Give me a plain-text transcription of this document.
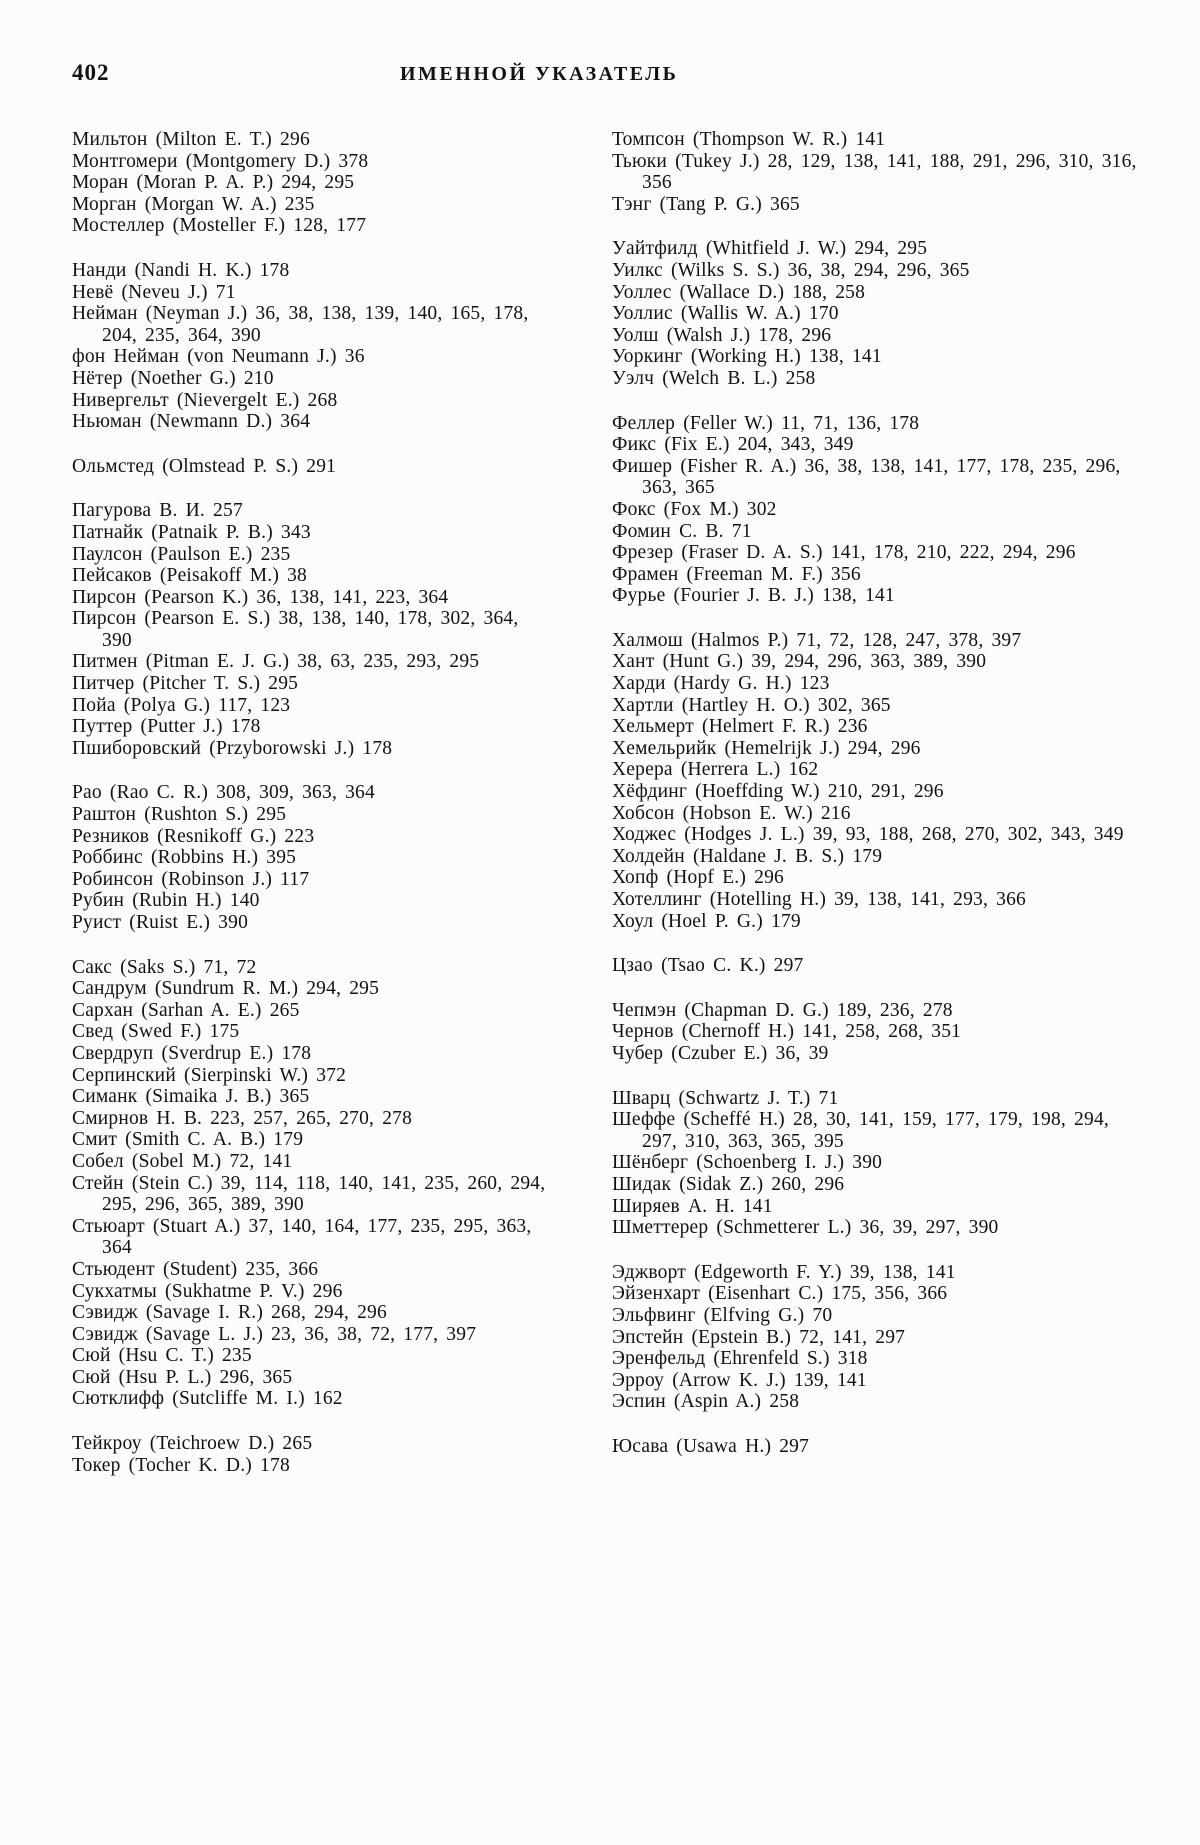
402	ИМЕННОЙ УКАЗАТЕЛЬ
Мильтон (Milton E. T.) 296
Монтгомери (Montgomery D.) 378
Моран (Moran P. A. P.) 294, 295
Морган (Morgan W. A.) 235
Мостеллер (Mosteller F.) 128, 177
Нанди (Nandi H. K.) 178
Невё (Neveu J.) 71
Нейман (Neyman J.) 36, 38, 138, 139, 140, 165, 178, 204, 235, 364, 390
фон Нейман (von Neumann J.) 36
Нётер (Noether G.) 210
Нивергельт (Nievergelt E.) 268
Ньюман (Newmann D.) 364
Ольмстед (Olmstead P. S.) 291
Пагурова В. И. 257
Патнайк (Patnaik P. B.) 343
Паулсон (Paulson E.) 235
Пейсаков (Peisakoff M.) 38
Пирсон (Pearson K.) 36, 138, 141, 223, 364
Пирсон (Pearson E. S.) 38, 138, 140, 178, 302, 364, 390
Питмен (Pitman E. J. G.) 38, 63, 235, 293, 295
Питчер (Pitcher T. S.) 295
Пойа (Polya G.) 117, 123
Путтер (Putter J.) 178
Пшиборовский (Przyborowski J.) 178
Рао (Rao C. R.) 308, 309, 363, 364
Раштон (Rushton S.) 295
Резников (Resnikoff G.) 223
Роббинс (Robbins H.) 395
Робинсон (Robinson J.) 117
Рубин (Rubin H.) 140
Руист (Ruist E.) 390
Сакс (Saks S.) 71, 72
Сандрум (Sundrum R. M.) 294, 295
Сархан (Sarhan A. E.) 265
Свед (Swed F.) 175
Свердруп (Sverdrup E.) 178
Серпинский (Sierpinski W.) 372
Симанк (Simaika J. B.) 365
Смирнов Н. В. 223, 257, 265, 270, 278
Смит (Smith C. A. B.) 179
Собел (Sobel M.) 72, 141
Стейн (Stein C.) 39, 114, 118, 140, 141, 235, 260, 294, 295, 296, 365, 389, 390
Стьюарт (Stuart A.) 37, 140, 164, 177, 235, 295, 363, 364
Стьюдент (Student) 235, 366
Сукхатмы (Sukhatme P. V.) 296
Сэвидж (Savage I. R.) 268, 294, 296
Сэвидж (Savage L. J.) 23, 36, 38, 72, 177, 397
Сюй (Hsu C. T.) 235
Сюй (Hsu P. L.) 296, 365
Сютклифф (Sutcliffe M. I.) 162
Тейкроу (Teichroew D.) 265
Токер (Tocher K. D.) 178
Томпсон (Thompson W. R.) 141
Тьюки (Tukey J.) 28, 129, 138, 141, 188, 291, 296, 310, 316, 356
Тэнг (Tang P. G.) 365
Уайтфилд (Whitfield J. W.) 294, 295
Уилкс (Wilks S. S.) 36, 38, 294, 296, 365
Уоллес (Wallace D.) 188, 258
Уоллис (Wallis W. A.) 170
Уолш (Walsh J.) 178, 296
Уоркинг (Working H.) 138, 141
Уэлч (Welch B. L.) 258
Феллер (Feller W.) 11, 71, 136, 178
Фикс (Fix E.) 204, 343, 349
Фишер (Fisher R. A.) 36, 38, 138, 141, 177, 178, 235, 296, 363, 365
Фокс (Fox M.) 302
Фомин С. В. 71
Фрезер (Fraser D. A. S.) 141, 178, 210, 222, 294, 296
Фрамен (Freeman M. F.) 356
Фурье (Fourier J. B. J.) 138, 141
Халмош (Halmos P.) 71, 72, 128, 247, 378, 397
Хант (Hunt G.) 39, 294, 296, 363, 389, 390
Харди (Hardy G. H.) 123
Хартли (Hartley H. O.) 302, 365
Хельмерт (Helmert F. R.) 236
Хемельрийк (Hemelrijk J.) 294, 296
Херера (Herrera L.) 162
Хёфдинг (Hoeffding W.) 210, 291, 296
Хобсон (Hobson E. W.) 216
Ходжес (Hodges J. L.) 39, 93, 188, 268, 270, 302, 343, 349
Холдейн (Haldane J. B. S.) 179
Хопф (Hopf E.) 296
Хотеллинг (Hotelling H.) 39, 138, 141, 293, 366
Хоул (Hoel P. G.) 179
Цзао (Tsao C. K.) 297
Чепмэн (Chapman D. G.) 189, 236, 278
Чернов (Chernoff H.) 141, 258, 268, 351
Чубер (Czuber E.) 36, 39
Шварц (Schwartz J. T.) 71
Шеффе (Scheffé H.) 28, 30, 141, 159, 177, 179, 198, 294, 297, 310, 363, 365, 395
Шёнберг (Schoenberg I. J.) 390
Шидак (Sidak Z.) 260, 296
Ширяев А. Н. 141
Шметтерер (Schmetterer L.) 36, 39, 297, 390
Эджворт (Edgeworth F. Y.) 39, 138, 141
Эйзенхарт (Eisenhart C.) 175, 356, 366
Эльфвинг (Elfving G.) 70
Эпстейн (Epstein B.) 72, 141, 297
Эренфельд (Ehrenfeld S.) 318
Эрроу (Arrow K. J.) 139, 141
Эспин (Aspin A.) 258
Юсава (Usawa H.) 297
